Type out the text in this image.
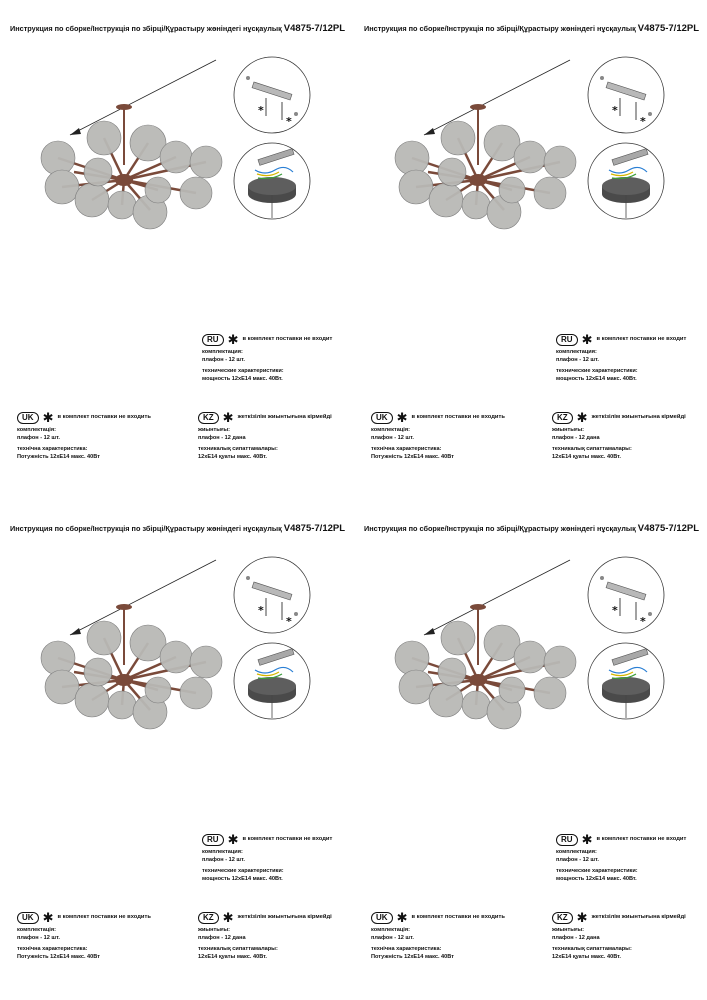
Инструкция по сборке/Інструкція по збірці/Құрастыру жөніндегі нұсқаулық V4875-7/12PL
*
*
RU ✱ в комплект поставки не входит
комплектация:
плафон - 12 шт.
технические характеристики:
мощность 12xE14 макс. 40Вт.
UK ✱ в комплект поставки не входить
комплектація:
плафон - 12 шт.
технічна характеристика:
Потужність 12xE14 макс. 40Вт
KZ ✱ жеткізілім жиынтығына кірмейді
жиынтығы:
плафон - 12 дана
техникалық сипаттамалары:
12xE14 қуаты макс. 40Вт.
Инструкция по сборке/Інструкція по збірці/Құрастыру жөніндегі нұсқаулық V4875-7/12PL
*
*
RU ✱ в комплект поставки не входит
комплектация:
плафон - 12 шт.
технические характеристики:
мощность 12xE14 макс. 40Вт.
UK ✱ в комплект поставки не входить
комплектація:
плафон - 12 шт.
технічна характеристика:
Потужність 12xE14 макс. 40Вт
KZ ✱ жеткізілім жиынтығына кірмейді
жиынтығы:
плафон - 12 дана
техникалық сипаттамалары:
12xE14 қуаты макс. 40Вт.
Инструкция по сборке/Інструкція по збірці/Құрастыру жөніндегі нұсқаулық V4875-7/12PL
*
*
RU ✱ в комплект поставки не входит
комплектация:
плафон - 12 шт.
технические характеристики:
мощность 12xE14 макс. 40Вт.
UK ✱ в комплект поставки не входить
комплектація:
плафон - 12 шт.
технічна характеристика:
Потужність 12xE14 макс. 40Вт
KZ ✱ жеткізілім жиынтығына кірмейді
жиынтығы:
плафон - 12 дана
техникалық сипаттамалары:
12xE14 қуаты макс. 40Вт.
Инструкция по сборке/Інструкція по збірці/Құрастыру жөніндегі нұсқаулық V4875-7/12PL
*
*
RU ✱ в комплект поставки не входит
комплектация:
плафон - 12 шт.
технические характеристики:
мощность 12xE14 макс. 40Вт.
UK ✱ в комплект поставки не входить
комплектація:
плафон - 12 шт.
технічна характеристика:
Потужність 12xE14 макс. 40Вт
KZ ✱ жеткізілім жиынтығына кірмейді
жиынтығы:
плафон - 12 дана
техникалық сипаттамалары:
12xE14 қуаты макс. 40Вт.
